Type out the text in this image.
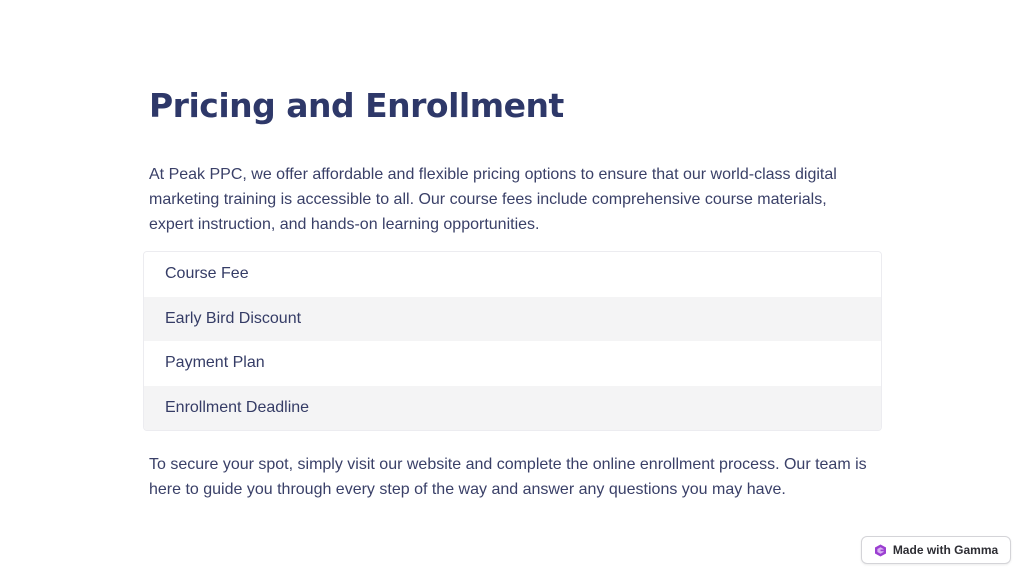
Pricing and Enrollment

At Peak PPC, we offer affordable and flexible pricing options to ensure that our world-class digital marketing training is accessible to all. Our course fees include comprehensive course materials, expert instruction, and hands-on learning opportunities.

Course Fee
Early Bird Discount
Payment Plan
Enrollment Deadline

To secure your spot, simply visit our website and complete the online enrollment process. Our team is here to guide you through every step of the way and answer any questions you may have.

Made with Gamma
